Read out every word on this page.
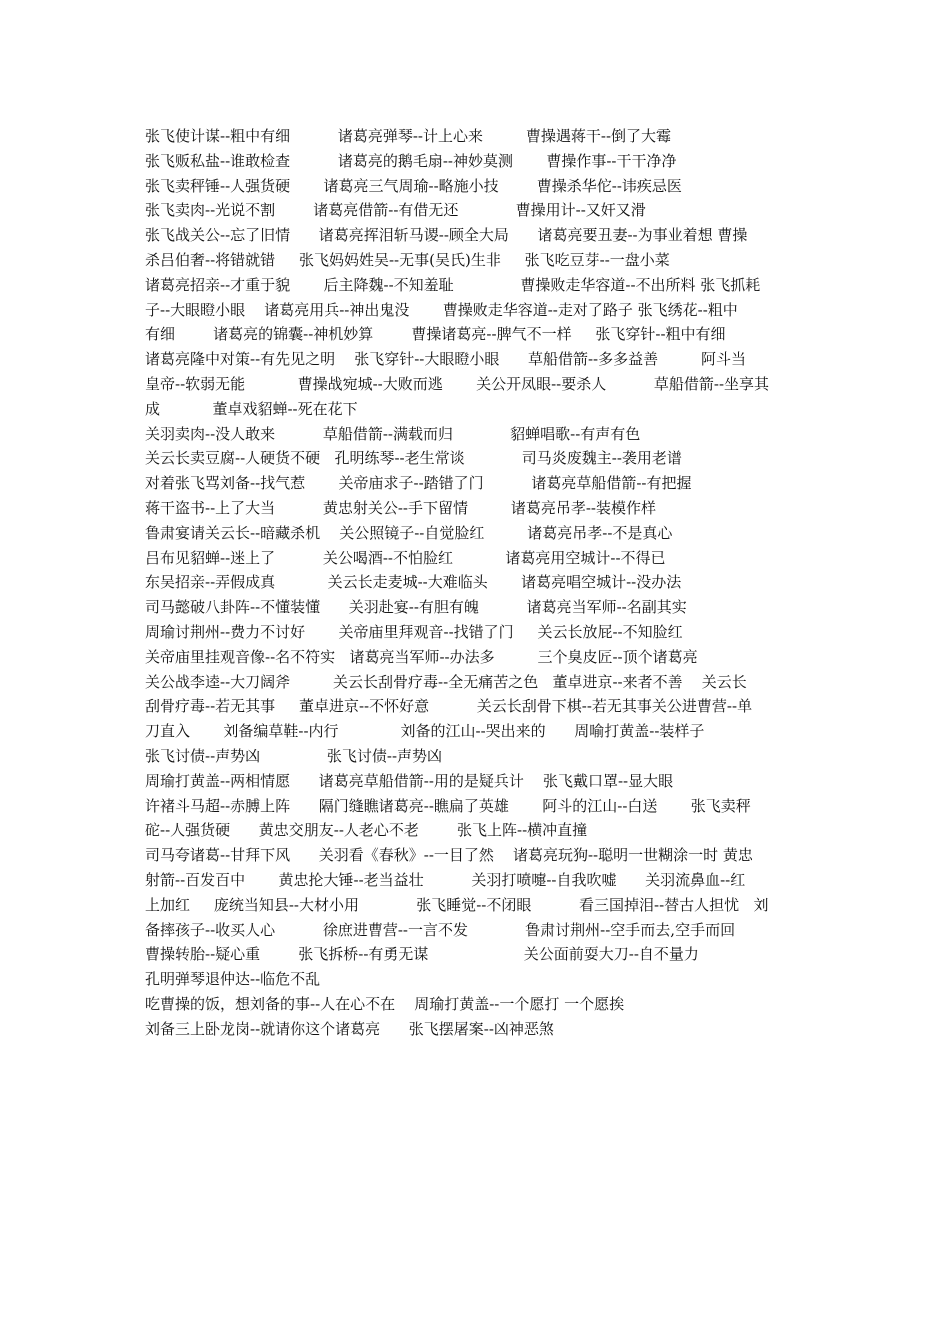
张飞使计谋--粗中有细          诸葛亮弹琴--计上心来         曹操遇蒋干--倒了大霉
张飞贩私盐--谁敢检查          诸葛亮的鹅毛扇--神妙莫测       曹操作事--干干净净
张飞卖秤锤--人强货硬       诸葛亮三气周瑜--略施小技        曹操杀华佗--讳疾忌医
张飞卖肉--光说不割        诸葛亮借箭--有借无还            曹操用计--又奸又滑
张飞战关公--忘了旧情      诸葛亮挥泪斩马谡--顾全大局      诸葛亮要丑妻--为事业着想 曹操
杀吕伯奢--将错就错     张飞妈妈姓吴--无事(吴氏)生非     张飞吃豆芽--一盘小菜
诸葛亮招亲--才重于貌       后主降魏--不知羞耻              曹操败走华容道--不出所料 张飞抓耗
子--大眼瞪小眼    诸葛亮用兵--神出鬼没       曹操败走华容道--走对了路子 张飞绣花--粗中
有细        诸葛亮的锦囊--神机妙算        曹操诸葛亮--脾气不一样     张飞穿针--粗中有细
诸葛亮隆中对策--有先见之明    张飞穿针--大眼瞪小眼      草船借箭--多多益善         阿斗当
皇帝--软弱无能           曹操战宛城--大败而逃       关公开凤眼--要杀人          草船借箭--坐享其
成           董卓戏貂蝉--死在花下
关羽卖肉--没人敢来          草船借箭--满载而归            貂蝉唱歌--有声有色
关云长卖豆腐--人硬货不硬   孔明练琴--老生常谈            司马炎废魏主--袭用老谱
对着张飞骂刘备--找气惹       关帝庙求子--踏错了门          诸葛亮草船借箭--有把握
蒋干盗书--上了大当          黄忠射关公--手下留情         诸葛亮吊孝--装模作样
鲁肃宴请关云长--暗藏杀机    关公照镜子--自觉脸红         诸葛亮吊孝--不是真心
吕布见貂蝉--迷上了          关公喝酒--不怕脸红           诸葛亮用空城计--不得已
东吴招亲--弄假成真           关云长走麦城--大难临头       诸葛亮唱空城计--没办法
司马懿破八卦阵--不懂装懂      关羽赴宴--有胆有魄          诸葛亮当军师--名副其实
周瑜讨荆州--费力不讨好       关帝庙里拜观音--找错了门     关云长放屁--不知脸红
关帝庙里挂观音像--名不符实   诸葛亮当军师--办法多         三个臭皮匠--顶个诸葛亮
关公战李逵--大刀阔斧         关云长刮骨疗毒--全无痛苦之色   董卓进京--来者不善    关云长
刮骨疗毒--若无其事     董卓进京--不怀好意          关云长刮骨下棋--若无其事关公进曹营--单
刀直入       刘备编草鞋--内行             刘备的江山--哭出来的      周喻打黄盖--装样子
张飞讨债--声势凶              张飞讨债--声势凶
周瑜打黄盖--两相情愿      诸葛亮草船借箭--用的是疑兵计    张飞戴口罩--显大眼
许褚斗马超--赤膊上阵      隔门缝瞧诸葛亮--瞧扁了英雄       阿斗的江山--白送       张飞卖秤
砣--人强货硬      黄忠交朋友--人老心不老        张飞上阵--横冲直撞
司马夸诸葛--甘拜下风      关羽看《春秋》--一目了然    诸葛亮玩狗--聪明一世糊涂一时 黄忠
射箭--百发百中       黄忠抡大锤--老当益壮          关羽打喷嚏--自我吹嘘      关羽流鼻血--红
上加红     庞统当知县--大材小用            张飞睡觉--不闭眼          看三国掉泪--替古人担忧   刘
备摔孩子--收买人心          徐庶进曹营--一言不发            鲁肃讨荆州--空手而去,空手而回
曹操转胎--疑心重        张飞拆桥--有勇无谋                    关公面前耍大刀--自不量力
孔明弹琴退仲达--临危不乱
吃曹操的饭，想刘备的事--人在心不在    周瑜打黄盖--一个愿打 一个愿挨
刘备三上卧龙岗--就请你这个诸葛亮      张飞摆屠案--凶神恶煞
